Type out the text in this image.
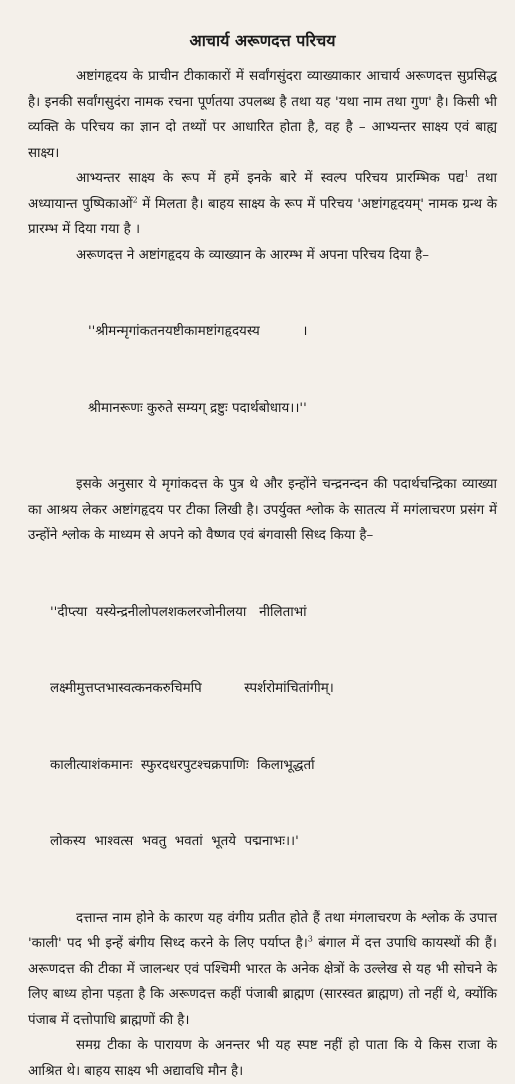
आचार्य अरूणदत्त परिचय

अष्टांगहृदय के प्राचीन टीकाकारों में सर्वांगसुंदरा व्याख्याकार आचार्य अरूणदत्त सुप्रसिद्ध है। इनकी सर्वांगसुदंरा नामक रचना पूर्णतया उपलब्ध है तथा यह 'यथा नाम तथा गुण' है। किसी भी व्यक्ति के परिचय का ज्ञान दो तथ्यों पर आधारित होता है, वह है – आभ्यन्तर साक्ष्य एवं बाह्य साक्ष्य।

आभ्यन्तर साक्ष्य के रूप में हमें इनके बारे में स्वल्प परिचय प्रारम्भिक पद्य$^1$ तथा अध्यायान्त पुष्पिकाओं$^2$ में मिलता है। बाहय साक्ष्य के रूप में परिचय 'अष्टांगहृदयम्' नामक ग्रन्थ के प्रारम्भ में दिया गया है ।

अरूणदत्त ने अष्टांगहृदय के व्याख्यान के आरम्भ में अपना परिचय दिया है–

''श्रीमन्मृगांकतनयष्टीकामष्टांगहृदयस्य          ।

श्रीमानरूणः कुरुते सम्यग् द्रष्टुः पदार्थबोधाय।।''

इसके अनुसार ये मृगांकदत्त के पुत्र थे और इन्होंने चन्द्रनन्दन की पदार्थचन्द्रिका व्याख्या का आश्रय लेकर अष्टांगहृदय पर टीका लिखी है। उपर्युक्त श्लोक के सातत्य में मगंलाचरण प्रसंग में उन्होंने श्लोक के माध्यम से अपने को वैष्णव एवं बंगवासी सिध्द किया है–

''दीप्त्या  यस्येन्द्रनीलोपलशकलरजोनीलया   नीलिताभां

लक्ष्मीमुत्तप्तभास्वत्कनकरुचिमपि          स्पर्शरोमांचितांगीम्।

कालीत्याशंकमानः  स्फुरदधरपुटश्चक्रपाणिः  किलाभूद्धर्ता

लोकस्य  भाश्वत्स  भवतु  भवतां  भूतये  पद्मनाभः।।'

दत्तान्त नाम होने के कारण यह वंगीय प्रतीत होते हैं तथा मंगलाचरण के श्लोक कें उपात्त 'काली' पद भी इन्हें बंगीय सिध्द करने के लिए पर्याप्त है।$^3$ बंगाल में दत्त उपाधि कायस्थों की हैं। अरूणदत्त की टीका में जालन्धर एवं पश्चिमी भारत के अनेक क्षेत्रों के उल्लेख से यह भी सोचने के लिए बाध्य होना पड़ता है कि अरूणदत्त कहीं पंजाबी ब्राह्मण (सारस्वत ब्राह्मण) तो नहीं थे, क्योंकि पंजाब में दत्तोपाधि ब्राह्मणों की है।

समग्र टीका के पारायण के अनन्तर भी यह स्पष्ट नहीं हो पाता कि ये किस राजा के आश्रित थे। बाहय साक्ष्य भी अद्यावधि मौन है।
